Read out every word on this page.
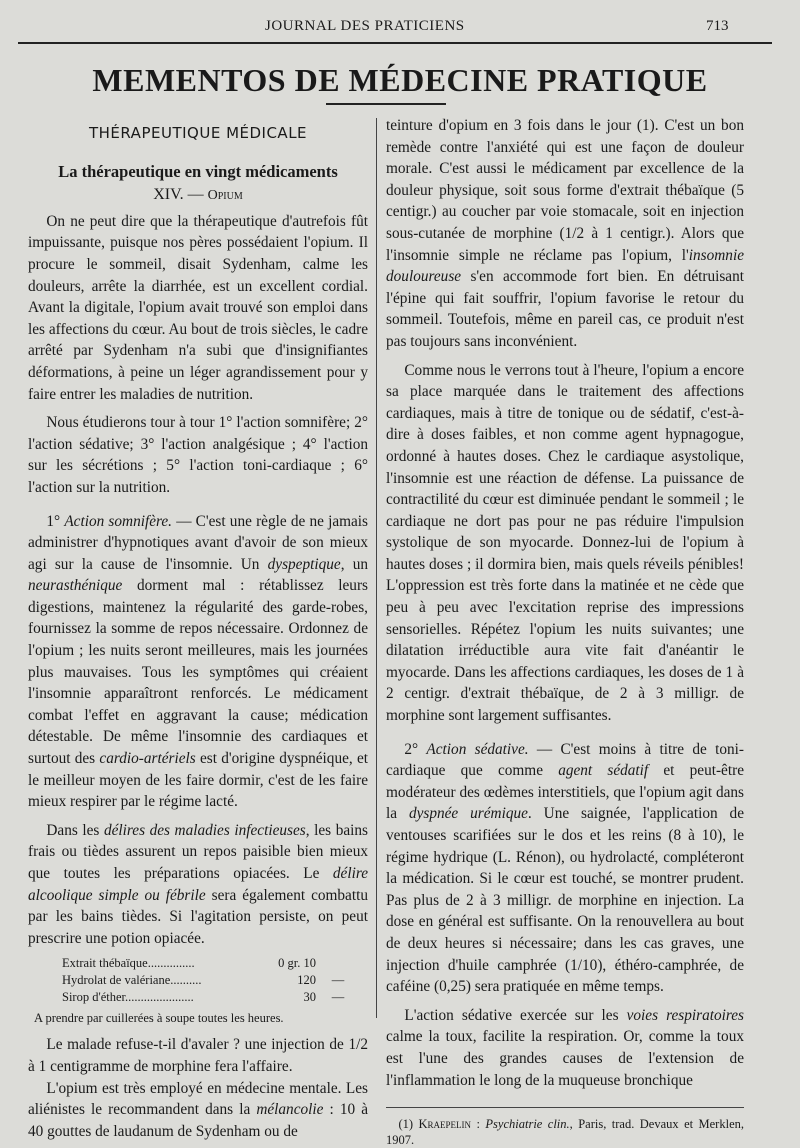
JOURNAL DES PRATICIENS	713
MEMENTOS DE MÉDECINE PRATIQUE
THÉRAPEUTIQUE MÉDICALE
La thérapeutique en vingt médicaments
XIV. — Opium

On ne peut dire que la thérapeutique d'autrefois fût impuissante, puisque nos pères possédaient l'opium. Il procure le sommeil, disait Sydenham, calme les douleurs, arrête la diarrhée, est un excellent cordial. Avant la digitale, l'opium avait trouvé son emploi dans les affections du cœur. Au bout de trois siècles, le cadre arrêté par Sydenham n'a subi que d'insignifiantes déformations, à peine un léger agrandissement pour y faire entrer les maladies de nutrition.

Nous étudierons tour à tour 1° l'action somnifère; 2° l'action sédative; 3° l'action analgésique ; 4° l'action sur les sécrétions ; 5° l'action toni-cardiaque ; 6° l'action sur la nutrition.

1° Action somnifère. — C'est une règle de ne jamais administrer d'hypnotiques avant d'avoir de son mieux agi sur la cause de l'insomnie. Un dyspeptique, un neurasthénique dorment mal : rétablissez leurs digestions, maintenez la régularité des garde-robes, fournissez la somme de repos nécessaire. Ordonnez de l'opium ; les nuits seront meilleures, mais les journées plus mauvaises. Tous les symptômes qui créaient l'insomnie apparaîtront renforcés. Le médicament combat l'effet en aggravant la cause; médication détestable. De même l'insomnie des cardiaques et surtout des cardio-artériels est d'origine dyspnéique, et le meilleur moyen de les faire dormir, c'est de les faire mieux respirer par le régime lacté.

Dans les délires des maladies infectieuses, les bains frais ou tièdes assurent un repos paisible bien mieux que toutes les préparations opiacées. Le délire alcoolique simple ou fébrile sera également combattu par les bains tièdes. Si l'agitation persiste, on peut prescrire une potion opiacée.

Extrait thébaïque...............	0 gr. 10
Hydrolat de valériane..........	120	—
Sirop d'éther......................	30	—

A prendre par cuillerées à soupe toutes les heures.

Le malade refuse-t-il d'avaler ? une injection de 1/2 à 1 centigramme de morphine fera l'affaire.

L'opium est très employé en médecine mentale. Les aliénistes le recommandent dans la mélancolie : 10 à 40 gouttes de laudanum de Sydenham ou de

teinture d'opium en 3 fois dans le jour (1). C'est un bon remède contre l'anxiété qui est une façon de douleur morale. C'est aussi le médicament par excellence de la douleur physique, soit sous forme d'extrait thébaïque (5 centigr.) au coucher par voie stomacale, soit en injection sous-cutanée de morphine (1/2 à 1 centigr.). Alors que l'insomnie simple ne réclame pas l'opium, l'insomnie douloureuse s'en accommode fort bien. En détruisant l'épine qui fait souffrir, l'opium favorise le retour du sommeil. Toutefois, même en pareil cas, ce produit n'est pas toujours sans inconvénient.

Comme nous le verrons tout à l'heure, l'opium a encore sa place marquée dans le traitement des affections cardiaques, mais à titre de tonique ou de sédatif, c'est-à-dire à doses faibles, et non comme agent hypnagogue, ordonné à hautes doses. Chez le cardiaque asystolique, l'insomnie est une réaction de défense. La puissance de contractilité du cœur est diminuée pendant le sommeil ; le cardiaque ne dort pas pour ne pas réduire l'impulsion systolique de son myocarde. Donnez-lui de l'opium à hautes doses ; il dormira bien, mais quels réveils pénibles! L'oppression est très forte dans la matinée et ne cède que peu à peu avec l'excitation reprise des impressions sensorielles. Répétez l'opium les nuits suivantes; une dilatation irréductible aura vite fait d'anéantir le myocarde. Dans les affections cardiaques, les doses de 1 à 2 centigr. d'extrait thébaïque, de 2 à 3 milligr. de morphine sont largement suffisantes.

2° Action sédative. — C'est moins à titre de toni-cardiaque que comme agent sédatif et peut-être modérateur des œdèmes interstitiels, que l'opium agit dans la dyspnée urémique. Une saignée, l'application de ventouses scarifiées sur le dos et les reins (8 à 10), le régime hydrique (L. Rénon), ou hydrolacté, compléteront la médication. Si le cœur est touché, se montrer prudent. Pas plus de 2 à 3 milligr. de morphine en injection. La dose en général est suffisante. On la renouvellera au bout de deux heures si nécessaire; dans les cas graves, une injection d'huile camphrée (1/10), éthéro-camphrée, de caféine (0,25) sera pratiquée en même temps.

L'action sédative exercée sur les voies respiratoires calme la toux, facilite la respiration. Or, comme la toux est l'une des grandes causes de l'extension de l'inflammation le long de la muqueuse bronchique

(1) Kraepelin : Psychiatrie clin., Paris, trad. Devaux et Merklen, 1907.
